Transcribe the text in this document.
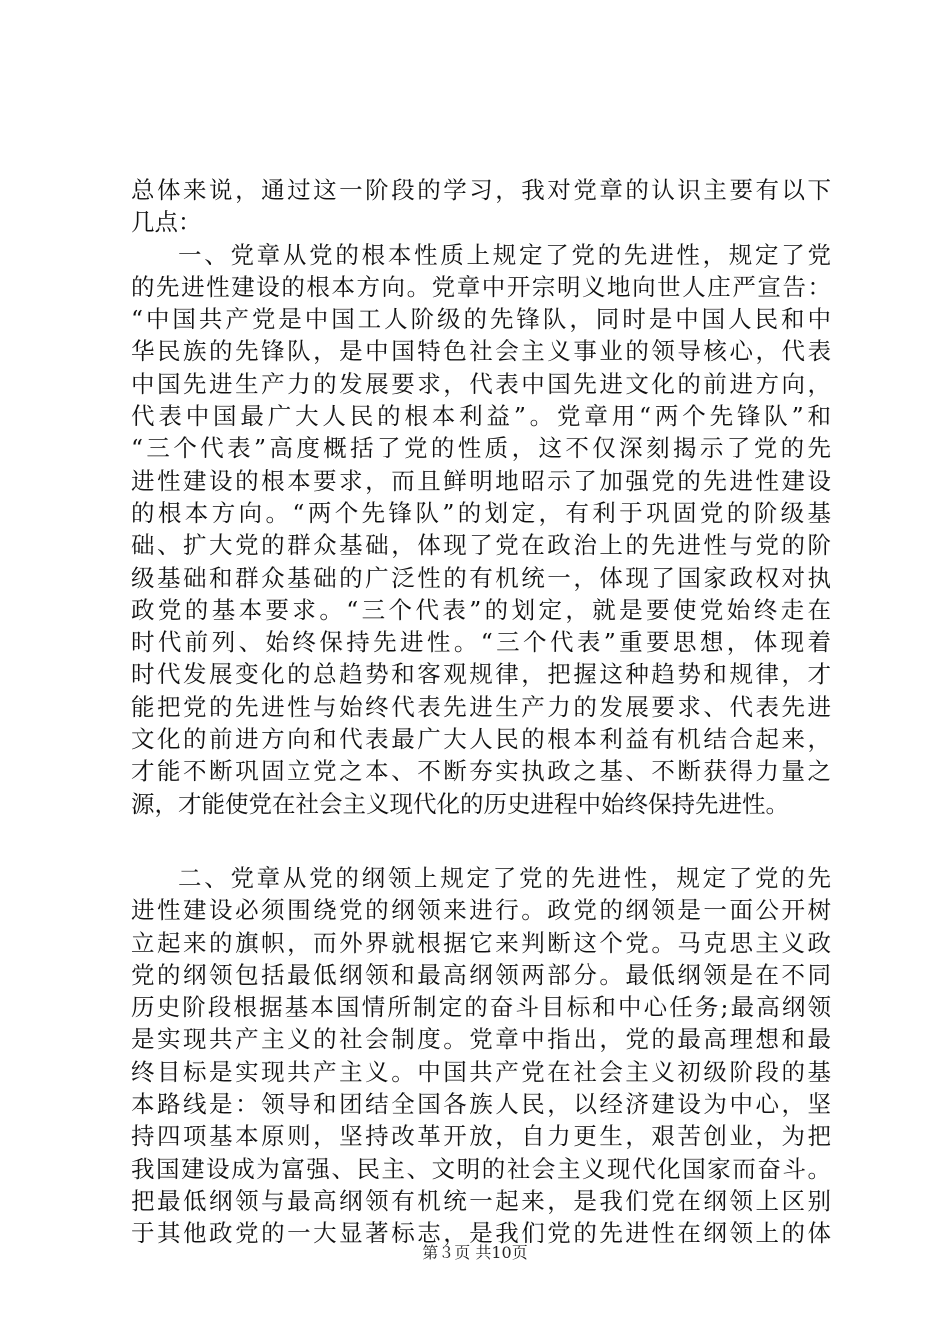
总体来说，通过这一阶段的学习，我对党章的认识主要有以下
几点：
一、党章从党的根本性质上规定了党的先进性，规定了党
的先进性建设的根本方向。党章中开宗明义地向世人庄严宣告：
“中国共产党是中国工人阶级的先锋队，同时是中国人民和中
华民族的先锋队，是中国特色社会主义事业的领导核心，代表
中国先进生产力的发展要求，代表中国先进文化的前进方向，
代表中国最广大人民的根本利益”。党章用“两个先锋队”和
“三个代表”高度概括了党的性质，这不仅深刻揭示了党的先
进性建设的根本要求，而且鲜明地昭示了加强党的先进性建设
的根本方向。“两个先锋队”的划定，有利于巩固党的阶级基
础、扩大党的群众基础，体现了党在政治上的先进性与党的阶
级基础和群众基础的广泛性的有机统一，体现了国家政权对执
政党的基本要求。“三个代表”的划定，就是要使党始终走在
时代前列、始终保持先进性。“三个代表”重要思想，体现着
时代发展变化的总趋势和客观规律，把握这种趋势和规律，才
能把党的先进性与始终代表先进生产力的发展要求、代表先进
文化的前进方向和代表最广大人民的根本利益有机结合起来，
才能不断巩固立党之本、不断夯实执政之基、不断获得力量之
源，才能使党在社会主义现代化的历史进程中始终保持先进性。
二、党章从党的纲领上规定了党的先进性，规定了党的先
进性建设必须围绕党的纲领来进行。政党的纲领是一面公开树
立起来的旗帜，而外界就根据它来判断这个党。马克思主义政
党的纲领包括最低纲领和最高纲领两部分。最低纲领是在不同
历史阶段根据基本国情所制定的奋斗目标和中心任务;最高纲领
是实现共产主义的社会制度。党章中指出，党的最高理想和最
终目标是实现共产主义。中国共产党在社会主义初级阶段的基
本路线是：领导和团结全国各族人民，以经济建设为中心，坚
持四项基本原则，坚持改革开放，自力更生，艰苦创业，为把
我国建设成为富强、民主、文明的社会主义现代化国家而奋斗。
把最低纲领与最高纲领有机统一起来，是我们党在纲领上区别
于其他政党的一大显著标志，是我们党的先进性在纲领上的体
第３页 共10页
